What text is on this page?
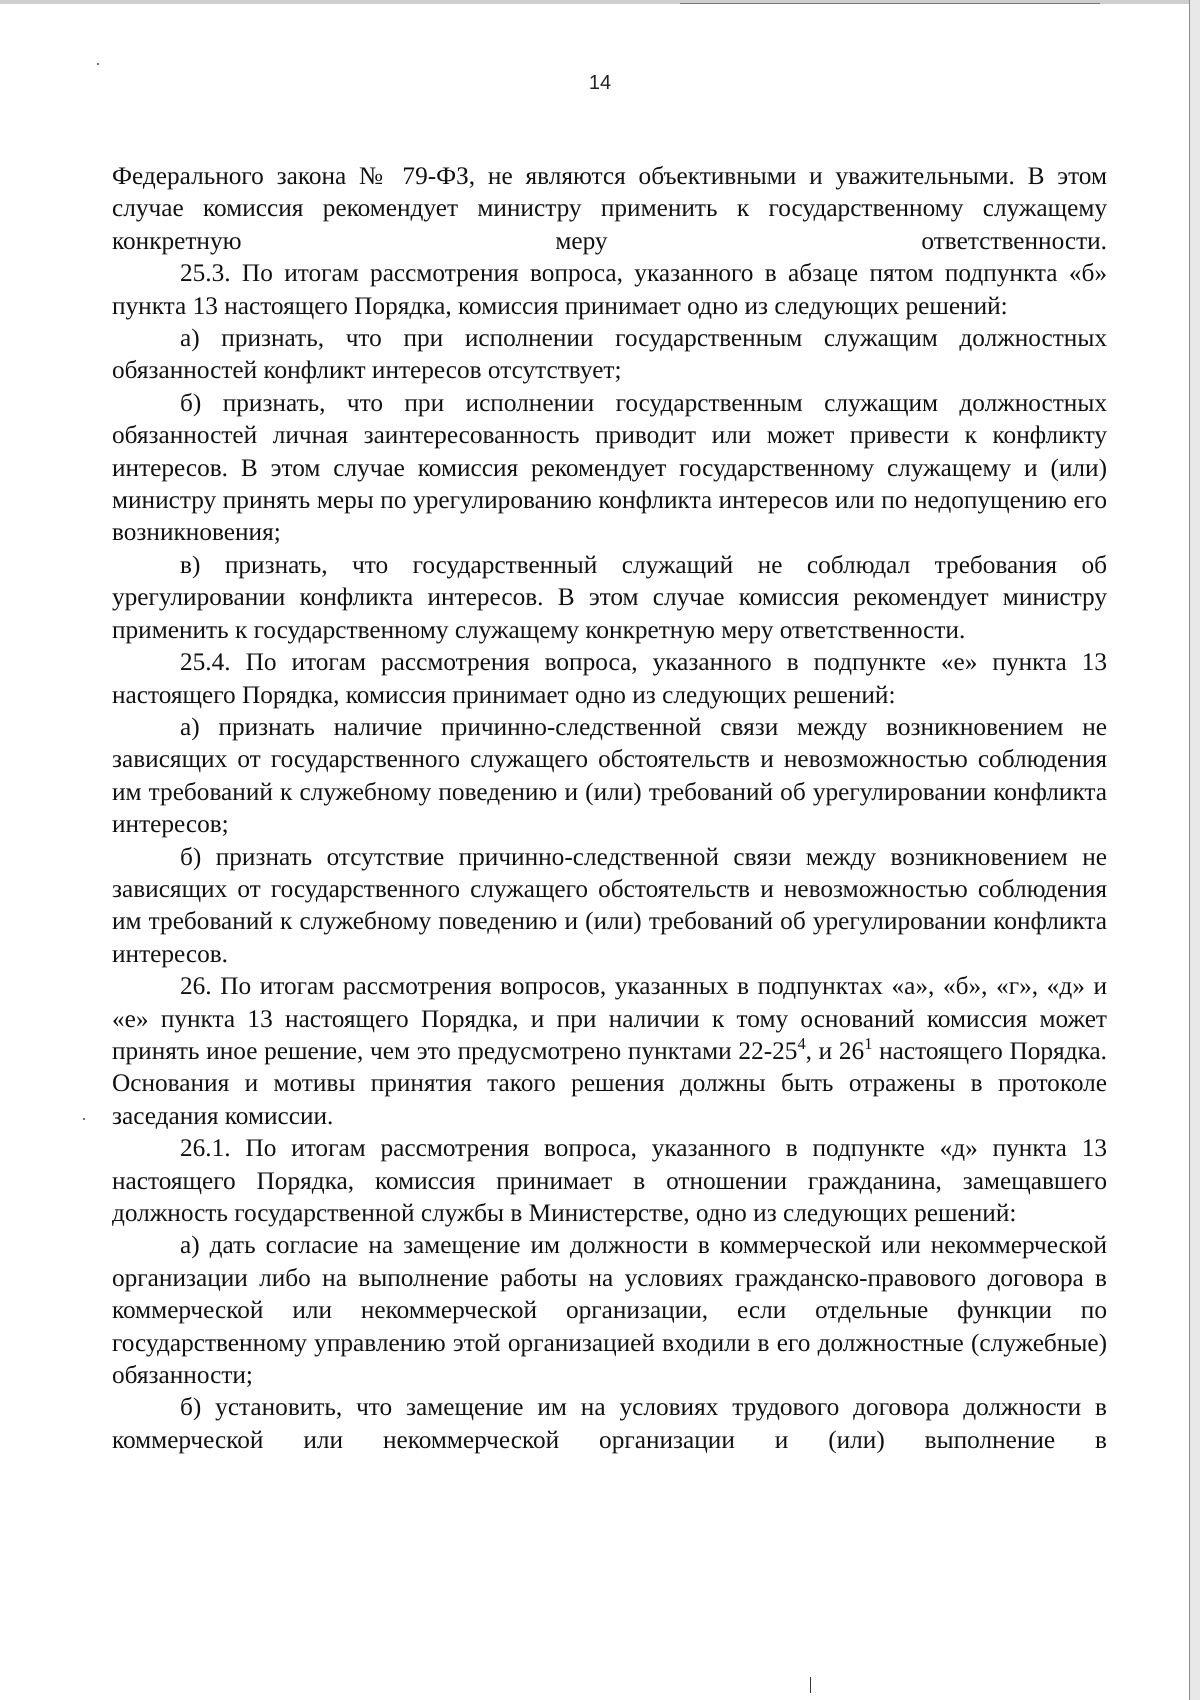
14

Федерального закона № 79-ФЗ, не являются объективными и уважительными. В этом случае комиссия рекомендует министру применить к государственному служащему конкретную меру ответственности.

25.3. По итогам рассмотрения вопроса, указанного в абзаце пятом подпункта «б» пункта 13 настоящего Порядка, комиссия принимает одно из следующих решений:

а) признать, что при исполнении государственным служащим должностных обязанностей конфликт интересов отсутствует;

б) признать, что при исполнении государственным служащим должностных обязанностей личная заинтересованность приводит или может привести к конфликту интересов. В этом случае комиссия рекомендует государственному служащему и (или) министру принять меры по урегулированию конфликта интересов или по недопущению его возникновения;

в) признать, что государственный служащий не соблюдал требования об урегулировании конфликта интересов. В этом случае комиссия рекомендует министру применить к государственному служащему конкретную меру ответственности.

25.4. По итогам рассмотрения вопроса, указанного в подпункте «е» пункта 13 настоящего Порядка, комиссия принимает одно из следующих решений:

а) признать наличие причинно-следственной связи между возникновением не зависящих от государственного служащего обстоятельств и невозможностью соблюдения им требований к служебному поведению и (или) требований об урегулировании конфликта интересов;

б) признать отсутствие причинно-следственной связи между возникновением не зависящих от государственного служащего обстоятельств и невозможностью соблюдения им требований к служебному поведению и (или) требований об урегулировании конфликта интересов.

26. По итогам рассмотрения вопросов, указанных в подпунктах «а», «б», «г», «д» и «е» пункта 13 настоящего Порядка, и при наличии к тому оснований комиссия может принять иное решение, чем это предусмотрено пунктами $22-25^4$, и $26^1$ настоящего Порядка. Основания и мотивы принятия такого решения должны быть отражены в протоколе заседания комиссии.

26.1. По итогам рассмотрения вопроса, указанного в подпункте «д» пункта 13 настоящего Порядка, комиссия принимает в отношении гражданина, замещавшего должность государственной службы в Министерстве, одно из следующих решений:

а) дать согласие на замещение им должности в коммерческой или некоммерческой организации либо на выполнение работы на условиях гражданско-правового договора в коммерческой или некоммерческой организации, если отдельные функции по государственному управлению этой организацией входили в его должностные (служебные) обязанности;

б) установить, что замещение им на условиях трудового договора должности в коммерческой или некоммерческой организации и (или) выполнение в
